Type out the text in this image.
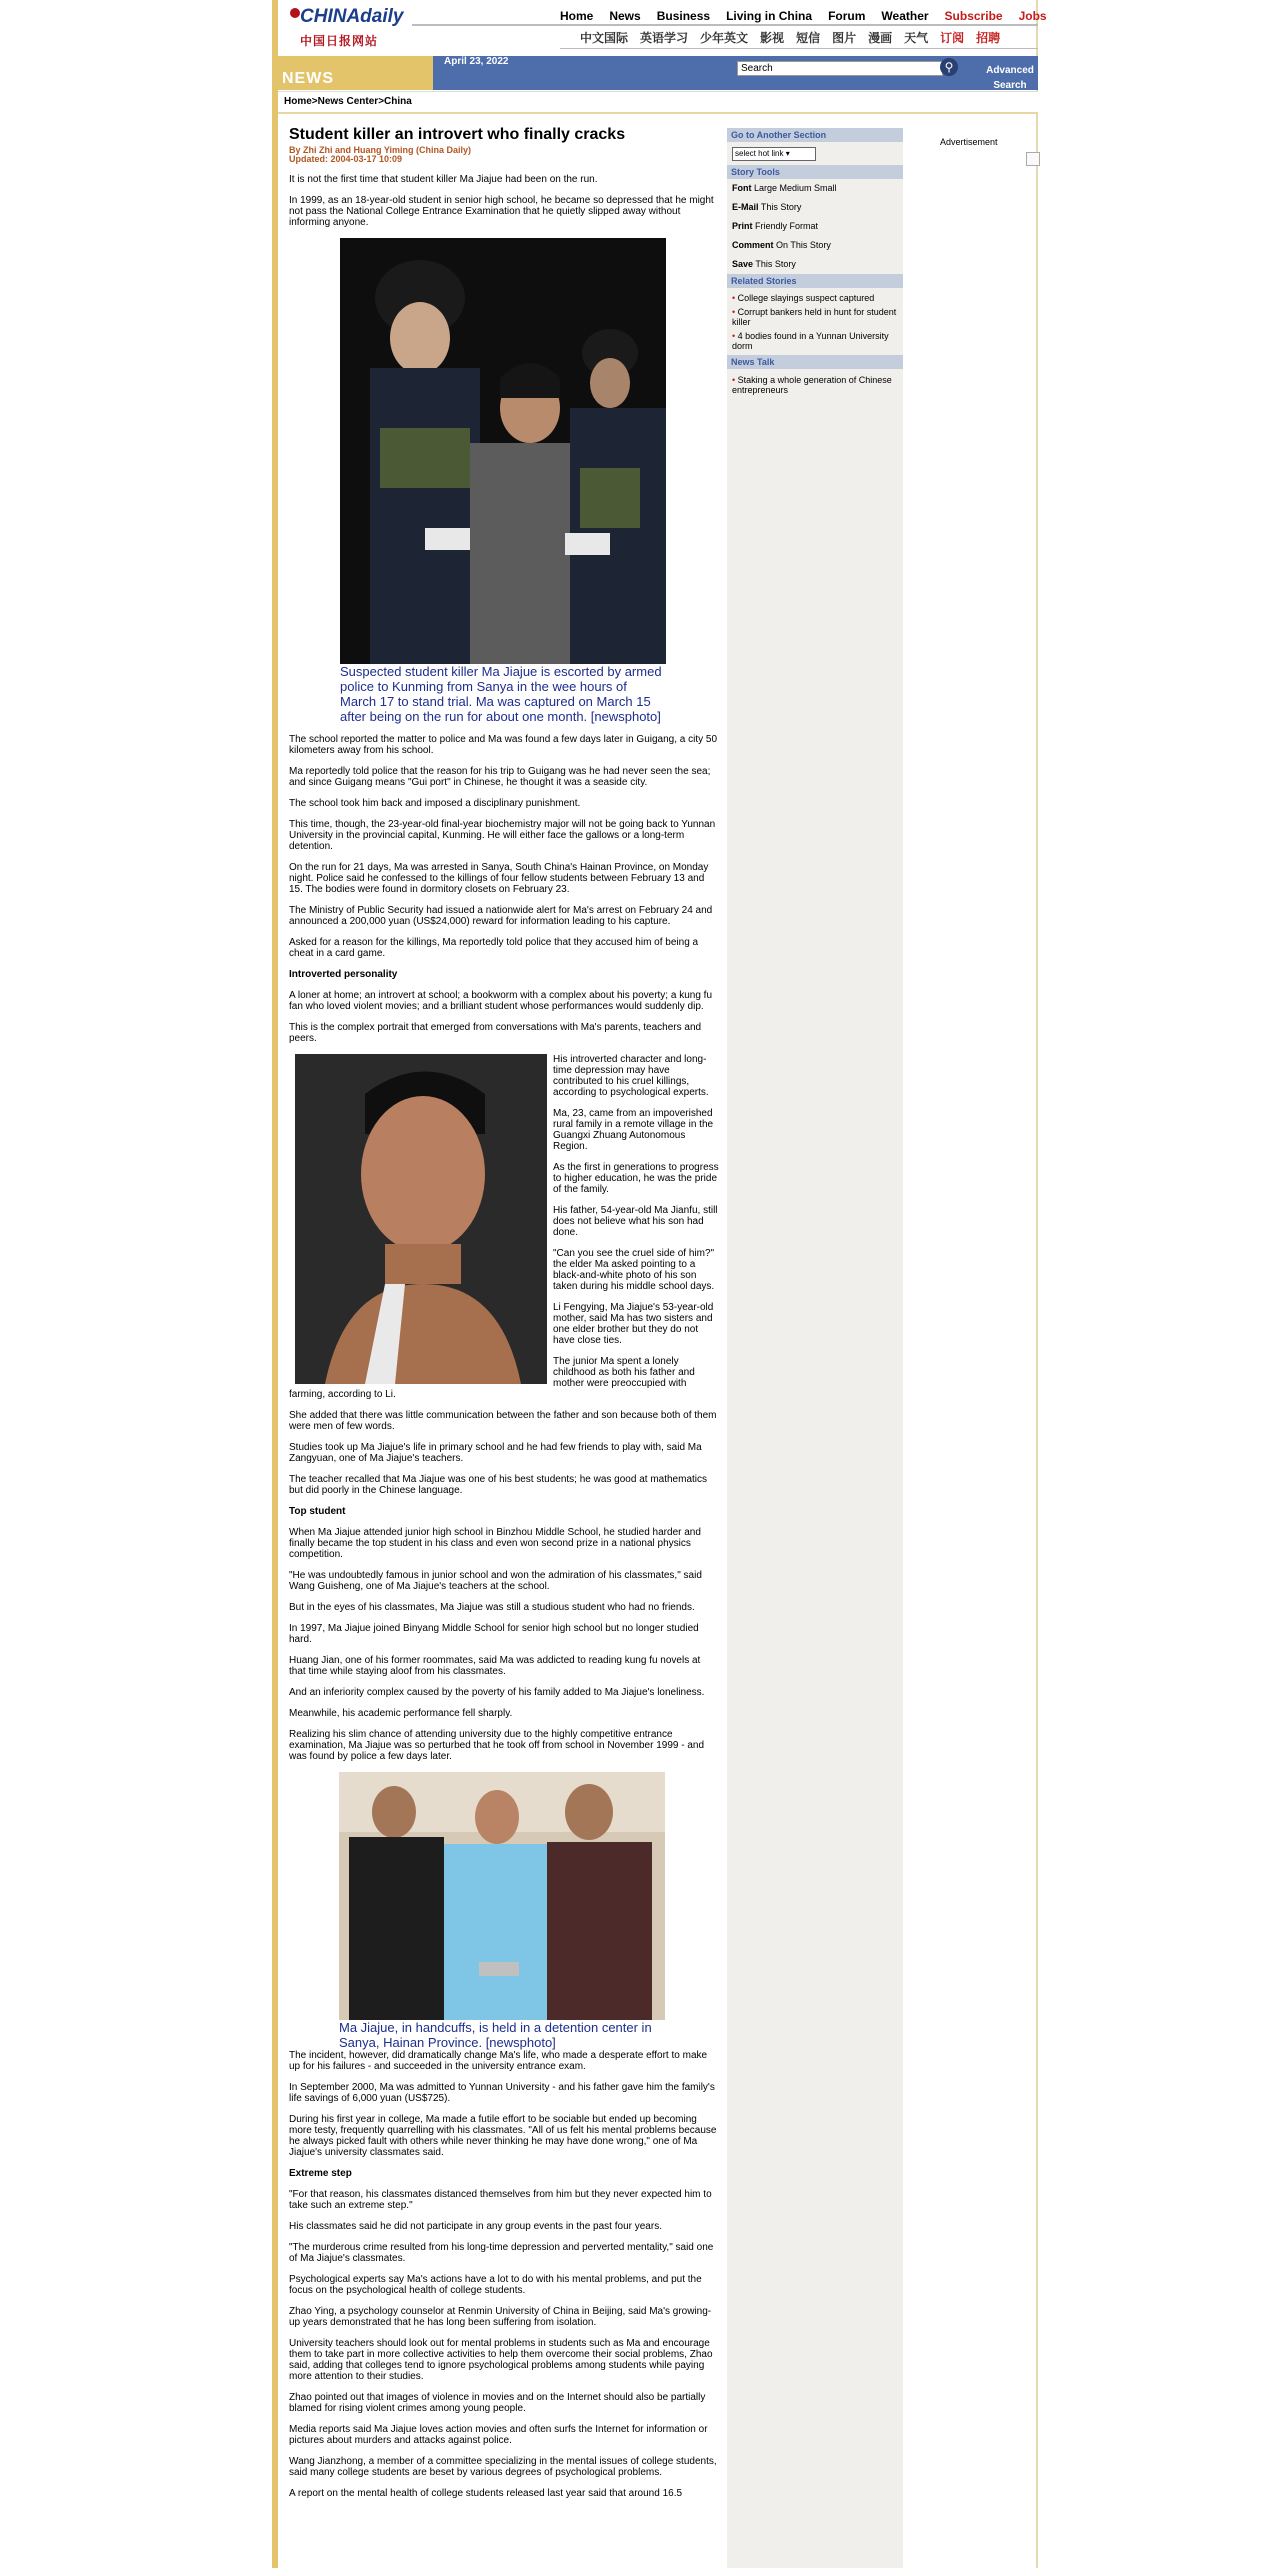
CHINAdaily
中国日报网站
Home News Business Living in China Forum Weather Subscribe Jobs
中文国际 英语学习 少年英文 影视 短信 图片 漫画 天气 订阅 招聘
NEWS
April 23, 2022
Search	⚲	Advanced Search
Home>News Center>China
Go to Another Section
select hot link ▾
Story Tools
Font Large Medium Small
E-Mail This Story
Print Friendly Format
Comment On This Story
Save This Story
Related Stories
• College slayings suspect captured
• Corrupt bankers held in hunt for student killer
• 4 bodies found in a Yunnan University dorm
News Talk
• Staking a whole generation of Chinese entrepreneurs
Advertisement
Student killer an introvert who finally cracks
By Zhi Zhi and Huang Yiming (China Daily)
Updated: 2004-03-17 10:09
It is not the first time that student killer Ma Jiajue had been on the run.
In 1999, as an 18-year-old student in senior high school, he became so depressed that he might not pass the National College Entrance Examination that he quietly slipped away without informing anyone.
Suspected student killer Ma Jiajue is escorted by armed police to Kunming from Sanya in the wee hours of March 17 to stand trial. Ma was captured on March 15 after being on the run for about one month. [newsphoto]
The school reported the matter to police and Ma was found a few days later in Guigang, a city 50 kilometers away from his school.
Ma reportedly told police that the reason for his trip to Guigang was he had never seen the sea; and since Guigang means "Gui port" in Chinese, he thought it was a seaside city.
The school took him back and imposed a disciplinary punishment.
This time, though, the 23-year-old final-year biochemistry major will not be going back to Yunnan University in the provincial capital, Kunming. He will either face the gallows or a long-term detention.
On the run for 21 days, Ma was arrested in Sanya, South China's Hainan Province, on Monday night. Police said he confessed to the killings of four fellow students between February 13 and 15. The bodies were found in dormitory closets on February 23.
The Ministry of Public Security had issued a nationwide alert for Ma's arrest on February 24 and announced a 200,000 yuan (US$24,000) reward for information leading to his capture.
Asked for a reason for the killings, Ma reportedly told police that they accused him of being a cheat in a card game.
Introverted personality
A loner at home; an introvert at school; a bookworm with a complex about his poverty; a kung fu fan who loved violent movies; and a brilliant student whose performances would suddenly dip.
This is the complex portrait that emerged from conversations with Ma's parents, teachers and peers.
His introverted character and long-time depression may have contributed to his cruel killings, according to psychological experts.
Ma, 23, came from an impoverished rural family in a remote village in the Guangxi Zhuang Autonomous Region.
As the first in generations to progress to higher education, he was the pride of the family.
His father, 54-year-old Ma Jianfu, still does not believe what his son had done.
"Can you see the cruel side of him?" the elder Ma asked pointing to a black-and-white photo of his son taken during his middle school days.
Li Fengying, Ma Jiajue's 53-year-old mother, said Ma has two sisters and one elder brother but they do not have close ties.
The junior Ma spent a lonely childhood as both his father and mother were preoccupied with farming, according to Li.
She added that there was little communication between the father and son because both of them were men of few words.
Studies took up Ma Jiajue's life in primary school and he had few friends to play with, said Ma Zangyuan, one of Ma Jiajue's teachers.
The teacher recalled that Ma Jiajue was one of his best students; he was good at mathematics but did poorly in the Chinese language.
Top student
When Ma Jiajue attended junior high school in Binzhou Middle School, he studied harder and finally became the top student in his class and even won second prize in a national physics competition.
"He was undoubtedly famous in junior school and won the admiration of his classmates," said Wang Guisheng, one of Ma Jiajue's teachers at the school.
But in the eyes of his classmates, Ma Jiajue was still a studious student who had no friends.
In 1997, Ma Jiajue joined Binyang Middle School for senior high school but no longer studied hard.
Huang Jian, one of his former roommates, said Ma was addicted to reading kung fu novels at that time while staying aloof from his classmates.
And an inferiority complex caused by the poverty of his family added to Ma Jiajue's loneliness.
Meanwhile, his academic performance fell sharply.
Realizing his slim chance of attending university due to the highly competitive entrance examination, Ma Jiajue was so perturbed that he took off from school in November 1999 - and was found by police a few days later.
Ma Jiajue, in handcuffs, is held in a detention center in Sanya, Hainan Province. [newsphoto]
The incident, however, did dramatically change Ma's life, who made a desperate effort to make up for his failures - and succeeded in the university entrance exam.
In September 2000, Ma was admitted to Yunnan University - and his father gave him the family's life savings of 6,000 yuan (US$725).
During his first year in college, Ma made a futile effort to be sociable but ended up becoming more testy, frequently quarrelling with his classmates. "All of us felt his mental problems because he always picked fault with others while never thinking he may have done wrong," one of Ma Jiajue's university classmates said.
Extreme step
"For that reason, his classmates distanced themselves from him but they never expected him to take such an extreme step."
His classmates said he did not participate in any group events in the past four years.
"The murderous crime resulted from his long-time depression and perverted mentality," said one of Ma Jiajue's classmates.
Psychological experts say Ma's actions have a lot to do with his mental problems, and put the focus on the psychological health of college students.
Zhao Ying, a psychology counselor at Renmin University of China in Beijing, said Ma's growing-up years demonstrated that he has long been suffering from isolation.
University teachers should look out for mental problems in students such as Ma and encourage them to take part in more collective activities to help them overcome their social problems, Zhao said, adding that colleges tend to ignore psychological problems among students while paying more attention to their studies.
Zhao pointed out that images of violence in movies and on the Internet should also be partially blamed for rising violent crimes among young people.
Media reports said Ma Jiajue loves action movies and often surfs the Internet for information or pictures about murders and attacks against police.
Wang Jianzhong, a member of a committee specializing in the mental issues of college students, said many college students are beset by various degrees of psychological problems.
A report on the mental health of college students released last year said that around 16.5
